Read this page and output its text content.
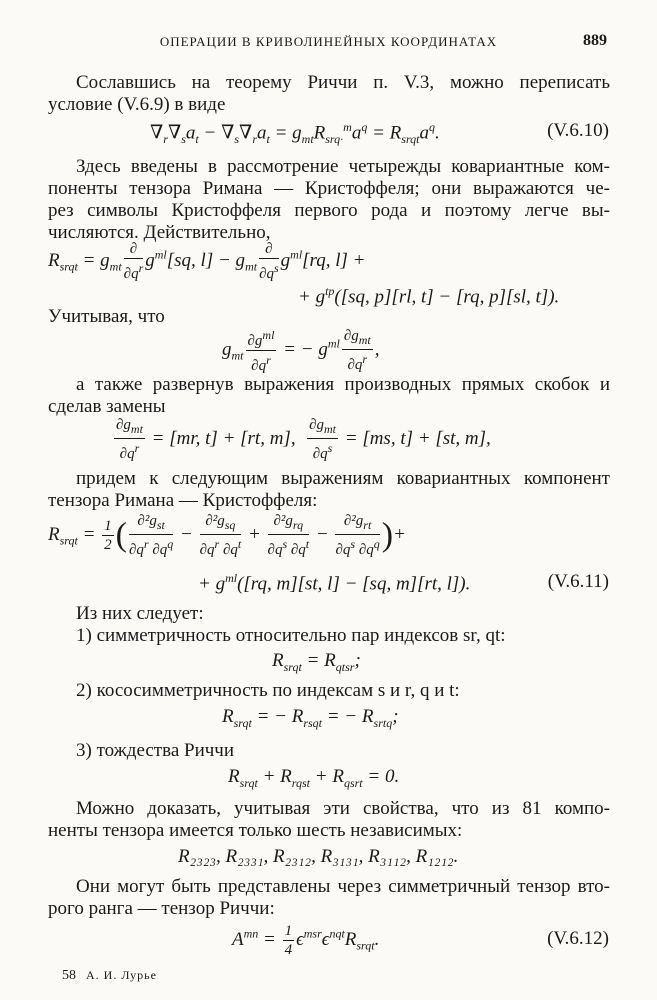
ОПЕРАЦИИ В КРИВОЛИНЕЙНЫХ КООРДИНАТАХ	889
Сославшись на теорему Риччи п. V.3, можно переписать
условие (V.6.9) в виде
$\nabla_r\nabla_sa_t - \nabla_s\nabla_ra_t = g_{mt}R_{srq\cdot}^ma^q = R_{srqt}a^q$.	(V.6.10)
Здесь введены в рассмотрение четырежды ковариантные ком-
поненты тензора Римана — Кристоффеля; они выражаются че-
рез символы Кристоффеля первого рода и поэтому легче вы-
числяются. Действительно,
$R_{srqt} = g_{mt} \frac{\partial}{\partial q^r} g^{ml}[sq$, $l] - g_{mt} \frac{\partial}{\partial q^s} g^{ml}[rq$, l] +
+ $g^{tp}([sq$, p][rl, t] − [rq, p][sl, t]).
Учитывая, что
$g_{mt} \frac{\partial g^{ml}}{\partial q^r}$ = − $g^{ml} \frac{\partial g_{mt}}{\partial q^r}$ ,
а также развернув выражения производных прямых скобок и
сделав замены
$\frac{\partial g_{mt}}{\partial q^r} = [mr$, t] + [rt, m], $\frac{\partial g_{mt}}{\partial q^s} = [ms$, t] + [st, m],
придем к следующим выражениям ковариантных компонент
тензора Римана — Кристоффеля:
$R_{srqt} = \frac{1}{2}$ ( $\frac{\partial^2g_{st}}{\partial q^r \partial q^q} - \frac{\partial^2g_{sq}}{\partial q^r \partial q^t} + \frac{\partial^2g_{rq}}{\partial q^s \partial q^t} - \frac{\partial^2g_{rt}}{\partial q^s \partial q^q}$ )+
+ $g^{ml}([rq$, m][st, l] − [sq, m][rt, l]).	(V.6.11)
Из них следует:
1) симметричность относительно пар индексов sr, qt:
$R_{srqt} = R_{qtsr}$;
2) кососимметричность по индексам s и r, q и t:
$R_{srqt}$ = − $R_{rsqt}$ = − $R_{srtq}$;
3) тождества Риччи
$R_{srqt} + R_{rqst} + R_{qsrt} = 0$.
Можно доказать, учитывая эти свойства, что из 81 компо-
ненты тензора имеется только шесть независимых:
R₂₃₂₃, R₂₃₃₁, R₂₃₁₂, R₃₁₃₁, R₃₁₁₂, R₁₂₁₂.
Они могут быть представлены через симметричный тензор вто-
рого ранга — тензор Риччи:
$A^{mn} = \frac{1}{4} \epsilon^{msr}\epsilon^{nqt}R_{srqt}$.	(V.6.12)
58 А. И. Лурье
